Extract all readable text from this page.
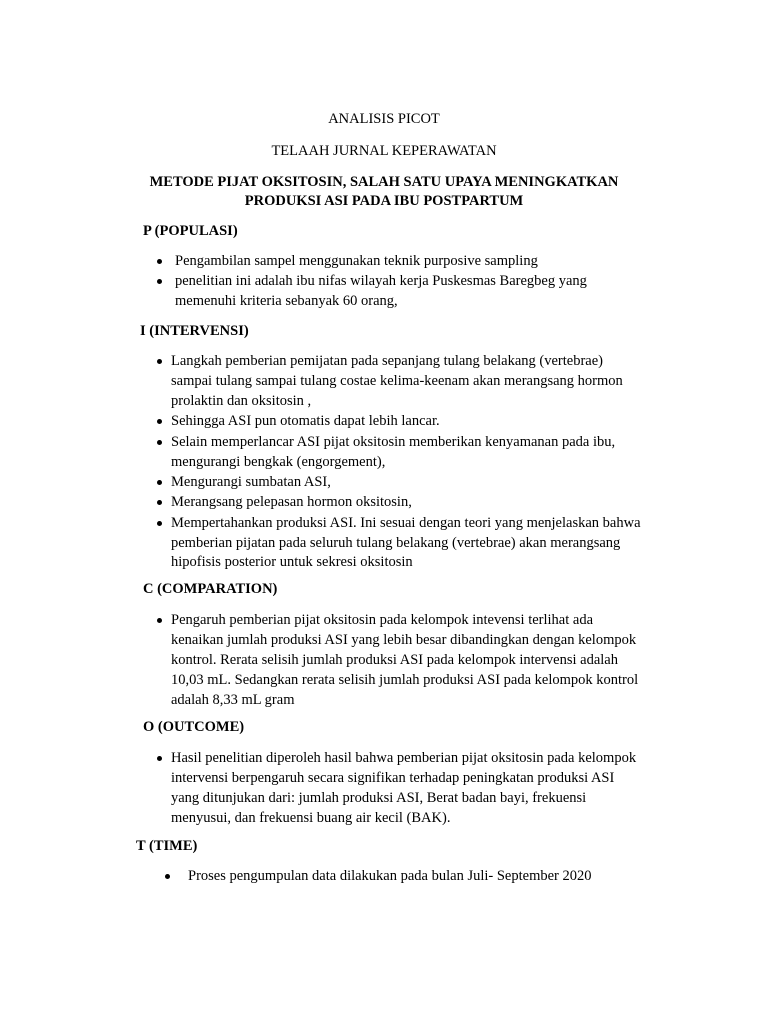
ANALISIS PICOT
TELAAH JURNAL KEPERAWATAN
METODE PIJAT OKSITOSIN, SALAH SATU UPAYA MENINGKATKAN
PRODUKSI ASI PADA IBU POSTPARTUM
P (POPULASI)
Pengambilan sampel menggunakan teknik purposive sampling
penelitian ini adalah ibu nifas wilayah kerja Puskesmas Baregbeg yang
memenuhi kriteria sebanyak 60 orang,
I (INTERVENSI)
Langkah pemberian pemijatan pada sepanjang tulang belakang (vertebrae)
sampai tulang sampai tulang costae kelima-keenam akan merangsang hormon
prolaktin dan oksitosin ,
Sehingga ASI pun otomatis dapat lebih lancar.
Selain memperlancar ASI pijat oksitosin memberikan kenyamanan pada ibu,
mengurangi bengkak (engorgement),
Mengurangi sumbatan ASI,
Merangsang pelepasan hormon oksitosin,
Mempertahankan produksi ASI. Ini sesuai dengan teori yang menjelaskan bahwa
pemberian pijatan pada seluruh tulang belakang (vertebrae) akan merangsang
hipofisis posterior untuk sekresi oksitosin
C (COMPARATION)
Pengaruh pemberian pijat oksitosin pada kelompok intevensi terlihat ada
kenaikan jumlah produksi ASI yang lebih besar dibandingkan dengan kelompok
kontrol. Rerata selisih jumlah produksi ASI pada kelompok intervensi adalah
10,03 mL. Sedangkan rerata selisih jumlah produksi ASI pada kelompok kontrol
adalah 8,33 mL gram
O (OUTCOME)
Hasil penelitian diperoleh hasil bahwa pemberian pijat oksitosin pada kelompok
intervensi berpengaruh secara signifikan terhadap peningkatan produksi ASI
yang ditunjukan dari: jumlah produksi ASI, Berat badan bayi, frekuensi
menyusui, dan frekuensi buang air kecil (BAK).
T (TIME)
Proses pengumpulan data dilakukan pada bulan Juli- September 2020
